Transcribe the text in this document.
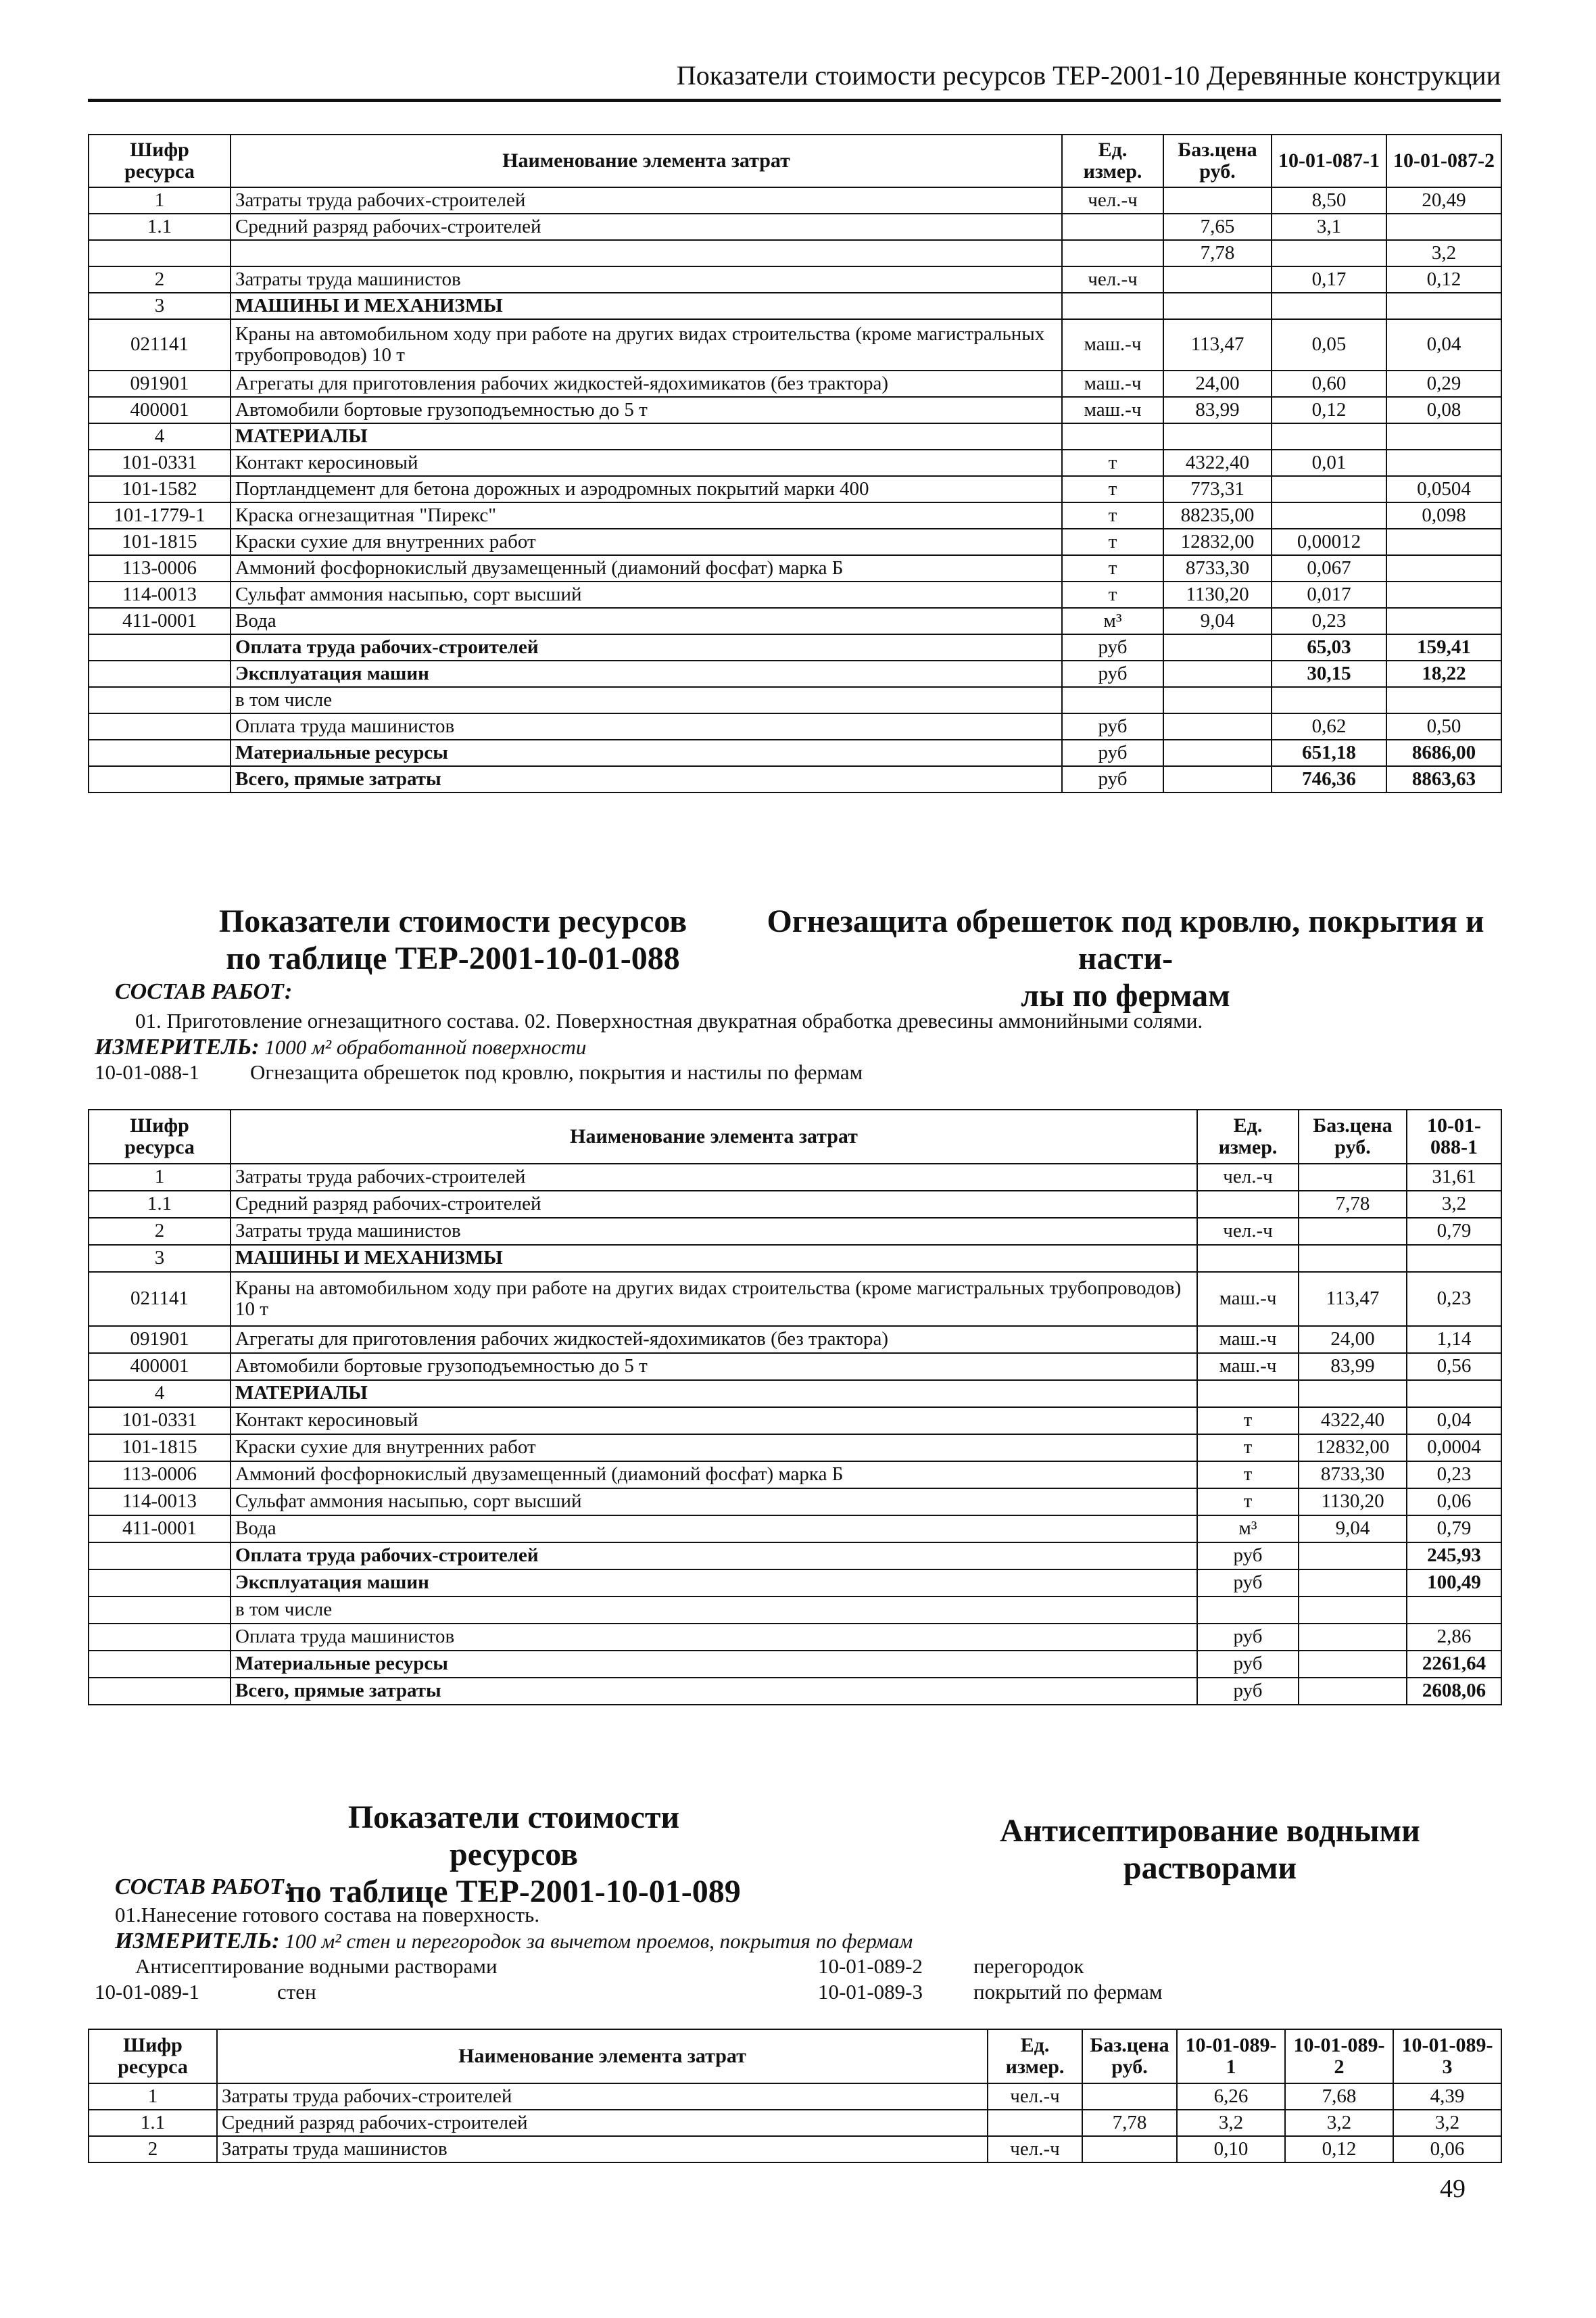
Показатели стоимости ресурсов ТЕР-2001-10 Деревянные конструкции
Шифр ресурса	Наименование элемента затрат	Ед. измер.	Баз.цена руб.	10-01-087-1	10-01-087-2
1	Затраты труда рабочих-строителей	чел.-ч		8,50	20,49
1.1	Средний разряд рабочих-строителей		7,65	3,1	
			7,78		3,2
2	Затраты труда машинистов	чел.-ч		0,17	0,12
3	МАШИНЫ И МЕХАНИЗМЫ				
021141	Краны на автомобильном ходу при работе на других видах строительства (кроме магистральных трубопроводов) 10 т	маш.-ч	113,47	0,05	0,04
091901	Агрегаты для приготовления рабочих жидкостей-ядохимикатов (без трактора)	маш.-ч	24,00	0,60	0,29
400001	Автомобили бортовые грузоподъемностью до 5 т	маш.-ч	83,99	0,12	0,08
4	МАТЕРИАЛЫ				
101-0331	Контакт керосиновый	т	4322,40	0,01	
101-1582	Портландцемент для бетона дорожных и аэродромных покрытий марки 400	т	773,31		0,0504
101-1779-1	Краска огнезащитная "Пирекс"	т	88235,00		0,098
101-1815	Краски сухие для внутренних работ	т	12832,00	0,00012	
113-0006	Аммоний фосфорнокислый двузамещенный (диамоний фосфат) марка Б	т	8733,30	0,067	
114-0013	Сульфат аммония насыпью, сорт высший	т	1130,20	0,017	
411-0001	Вода	м³	9,04	0,23	
	Оплата труда рабочих-строителей	руб		65,03	159,41
	Эксплуатация машин	руб		30,15	18,22
	в том числе				
	Оплата труда машинистов	руб		0,62	0,50
	Материальные ресурсы	руб		651,18	8686,00
	Всего, прямые затраты	руб		746,36	8863,63
Показатели стоимости ресурсов
по таблице ТЕР-2001-10-01-088
Огнезащита обрешеток под кровлю, покрытия и насти-
лы по фермам
СОСТАВ РАБОТ:
01. Приготовление огнезащитного состава. 02. Поверхностная двукратная обработка древесины аммонийными солями.
ИЗМЕРИТЕЛЬ: 1000 м² обработанной поверхности
10-01-088-1 Огнезащита обрешеток под кровлю, покрытия и настилы по фермам
Шифр ресурса	Наименование элемента затрат	Ед. измер.	Баз.цена руб.	10-01-088-1
1	Затраты труда рабочих-строителей	чел.-ч		31,61
1.1	Средний разряд рабочих-строителей		7,78	3,2
2	Затраты труда машинистов	чел.-ч		0,79
3	МАШИНЫ И МЕХАНИЗМЫ			
021141	Краны на автомобильном ходу при работе на других видах строительства (кроме магистральных трубопроводов) 10 т	маш.-ч	113,47	0,23
091901	Агрегаты для приготовления рабочих жидкостей-ядохимикатов (без трактора)	маш.-ч	24,00	1,14
400001	Автомобили бортовые грузоподъемностью до 5 т	маш.-ч	83,99	0,56
4	МАТЕРИАЛЫ			
101-0331	Контакт керосиновый	т	4322,40	0,04
101-1815	Краски сухие для внутренних работ	т	12832,00	0,0004
113-0006	Аммоний фосфорнокислый двузамещенный (диамоний фосфат) марка Б	т	8733,30	0,23
114-0013	Сульфат аммония насыпью, сорт высший	т	1130,20	0,06
411-0001	Вода	м³	9,04	0,79
	Оплата труда рабочих-строителей	руб		245,93
	Эксплуатация машин	руб		100,49
	в том числе			
	Оплата труда машинистов	руб		2,86
	Материальные ресурсы	руб		2261,64
	Всего, прямые затраты	руб		2608,06
Показатели стоимости ресурсов
по таблице ТЕР-2001-10-01-089
Антисептирование водными растворами
СОСТАВ РАБОТ:
01.Нанесение готового состава на поверхность.
ИЗМЕРИТЕЛЬ: 100 м² стен и перегородок за вычетом проемов, покрытия по фермам
Антисептирование водными растворами
10-01-089-1	стен
10-01-089-2 перегородок
10-01-089-3 покрытий по фермам
Шифр ресурса	Наименование элемента затрат	Ед. измер.	Баз.цена руб.	10-01-089-1	10-01-089-2	10-01-089-3
1	Затраты труда рабочих-строителей	чел.-ч		6,26	7,68	4,39
1.1	Средний разряд рабочих-строителей		7,78	3,2	3,2	3,2
2	Затраты труда машинистов	чел.-ч		0,10	0,12	0,06
49
